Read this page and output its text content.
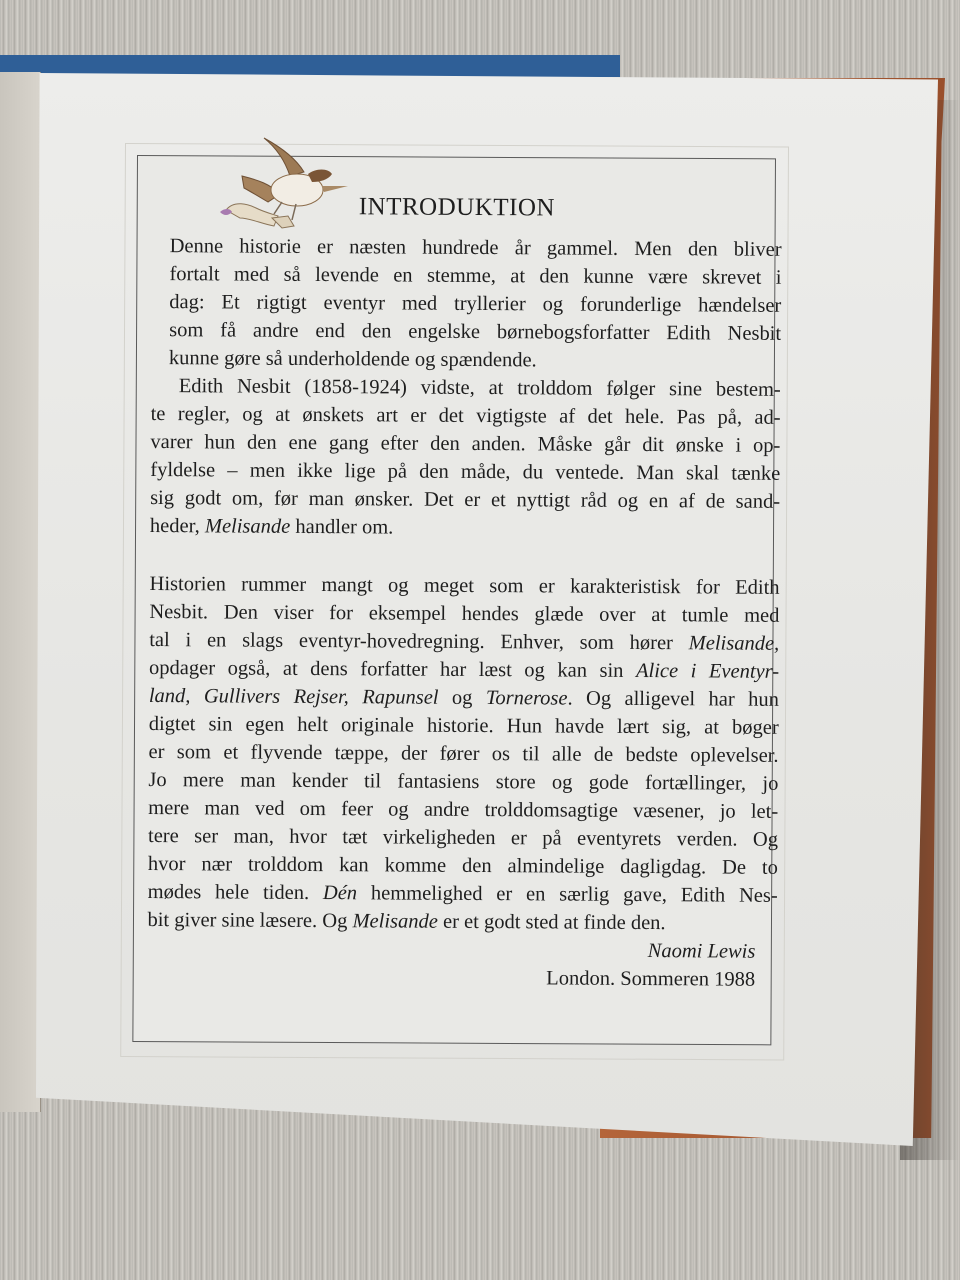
INTRODUKTION

Denne historie er næsten hundrede år gammel. Men den bliver
fortalt med så levende en stemme, at den kunne være skrevet i
dag: Et rigtigt eventyr med tryllerier og forunderlige hændelser
som få andre end den engelske børnebogsforfatter Edith Nesbit
kunne gøre så underholdende og spændende.

Edith Nesbit (1858-1924) vidste, at trolddom følger sine bestem-
te regler, og at ønskets art er det vigtigste af det hele. Pas på, ad-
varer hun den ene gang efter den anden. Måske går dit ønske i op-
fyldelse – men ikke lige på den måde, du ventede. Man skal tænke
sig godt om, før man ønsker. Det er et nyttigt råd og en af de sand-
heder, Melisande handler om.

Historien rummer mangt og meget som er karakteristisk for Edith
Nesbit. Den viser for eksempel hendes glæde over at tumle med
tal i en slags eventyr-hovedregning. Enhver, som hører Melisande,
opdager også, at dens forfatter har læst og kan sin Alice i Eventyr-
land, Gullivers Rejser, Rapunsel og Tornerose. Og alligevel har hun
digtet sin egen helt originale historie. Hun havde lært sig, at bøger
er som et flyvende tæppe, der fører os til alle de bedste oplevelser.
Jo mere man kender til fantasiens store og gode fortællinger, jo
mere man ved om feer og andre trolddomsagtige væsener, jo let-
tere ser man, hvor tæt virkeligheden er på eventyrets verden. Og
hvor nær trolddom kan komme den almindelige dagligdag. De to
mødes hele tiden. Dén hemmelighed er en særlig gave, Edith Nes-
bit giver sine læsere. Og Melisande er et godt sted at finde den.

Naomi Lewis
London. Sommeren 1988
